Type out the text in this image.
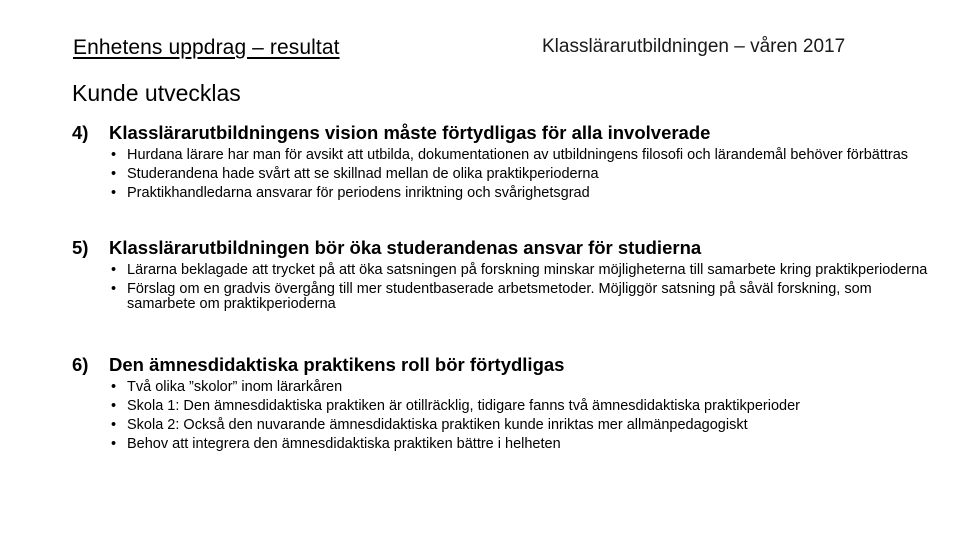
Enhetens uppdrag – resultat	Klasslärarutbildningen – våren 2017
Kunde utvecklas
4)	Klasslärarutbildningens vision måste förtydligas för alla involverade
• Hurdana lärare har man för avsikt att utbilda, dokumentationen av utbildningens filosofi och lärandemål behöver förbättras
• Studerandena hade svårt att se skillnad mellan de olika praktikperioderna
• Praktikhandledarna ansvarar för periodens inriktning och svårighetsgrad
5)	Klasslärarutbildningen bör öka studerandenas ansvar för studierna
• Lärarna beklagade att trycket på att öka satsningen på forskning minskar möjligheterna till samarbete kring praktikperioderna
• Förslag om en gradvis övergång till mer studentbaserade arbetsmetoder. Möjliggör satsning på såväl forskning, som samarbete om praktikperioderna
6)	Den ämnesdidaktiska praktikens roll bör förtydligas
• Två olika ”skolor” inom lärarkåren
• Skola 1: Den ämnesdidaktiska praktiken är otillräcklig, tidigare fanns två ämnesdidaktiska praktikperioder
• Skola 2: Också den nuvarande ämnesdidaktiska praktiken kunde inriktas mer allmänpedagogiskt
• Behov att integrera den ämnesdidaktiska praktiken bättre i helheten
